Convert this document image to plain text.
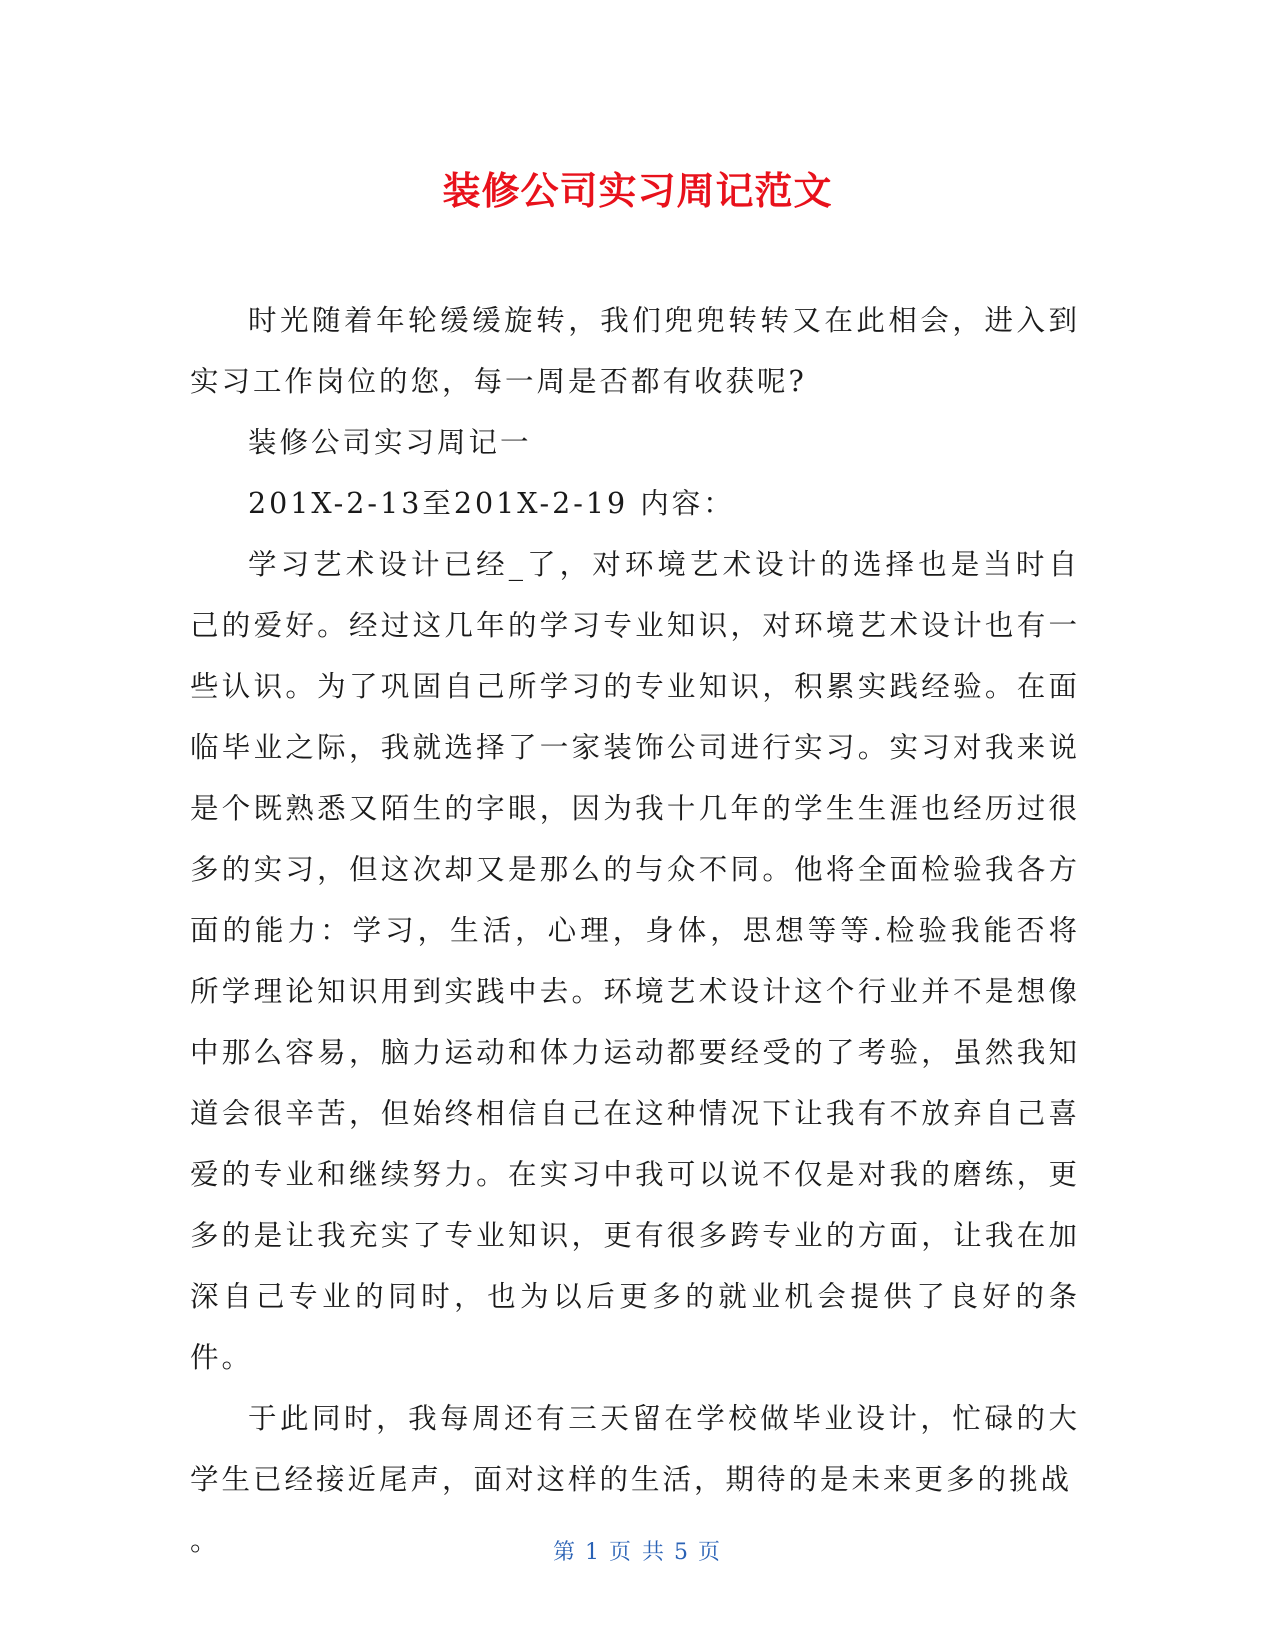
装修公司实习周记范文

时光随着年轮缓缓旋转，我们兜兜转转又在此相会，进入到实习工作岗位的您，每一周是否都有收获呢?

装修公司实习周记一

201X-2-13至201X-2-19 内容：

学习艺术设计已经_了，对环境艺术设计的选择也是当时自己的爱好。经过这几年的学习专业知识，对环境艺术设计也有一些认识。为了巩固自己所学习的专业知识，积累实践经验。在面临毕业之际，我就选择了一家装饰公司进行实习。实习对我来说是个既熟悉又陌生的字眼，因为我十几年的学生生涯也经历过很多的实习，但这次却又是那么的与众不同。他将全面检验我各方面的能力：学习，生活，心理，身体，思想等等.检验我能否将所学理论知识用到实践中去。环境艺术设计这个行业并不是想像中那么容易，脑力运动和体力运动都要经受的了考验，虽然我知道会很辛苦，但始终相信自己在这种情况下让我有不放弃自己喜爱的专业和继续努力。在实习中我可以说不仅是对我的磨练，更多的是让我充实了专业知识，更有很多跨专业的方面，让我在加深自己专业的同时，也为以后更多的就业机会提供了良好的条件。

于此同时，我每周还有三天留在学校做毕业设计，忙碌的大学生已经接近尾声，面对这样的生活，期待的是未来更多的挑战

。	第 1 页 共 5 页
